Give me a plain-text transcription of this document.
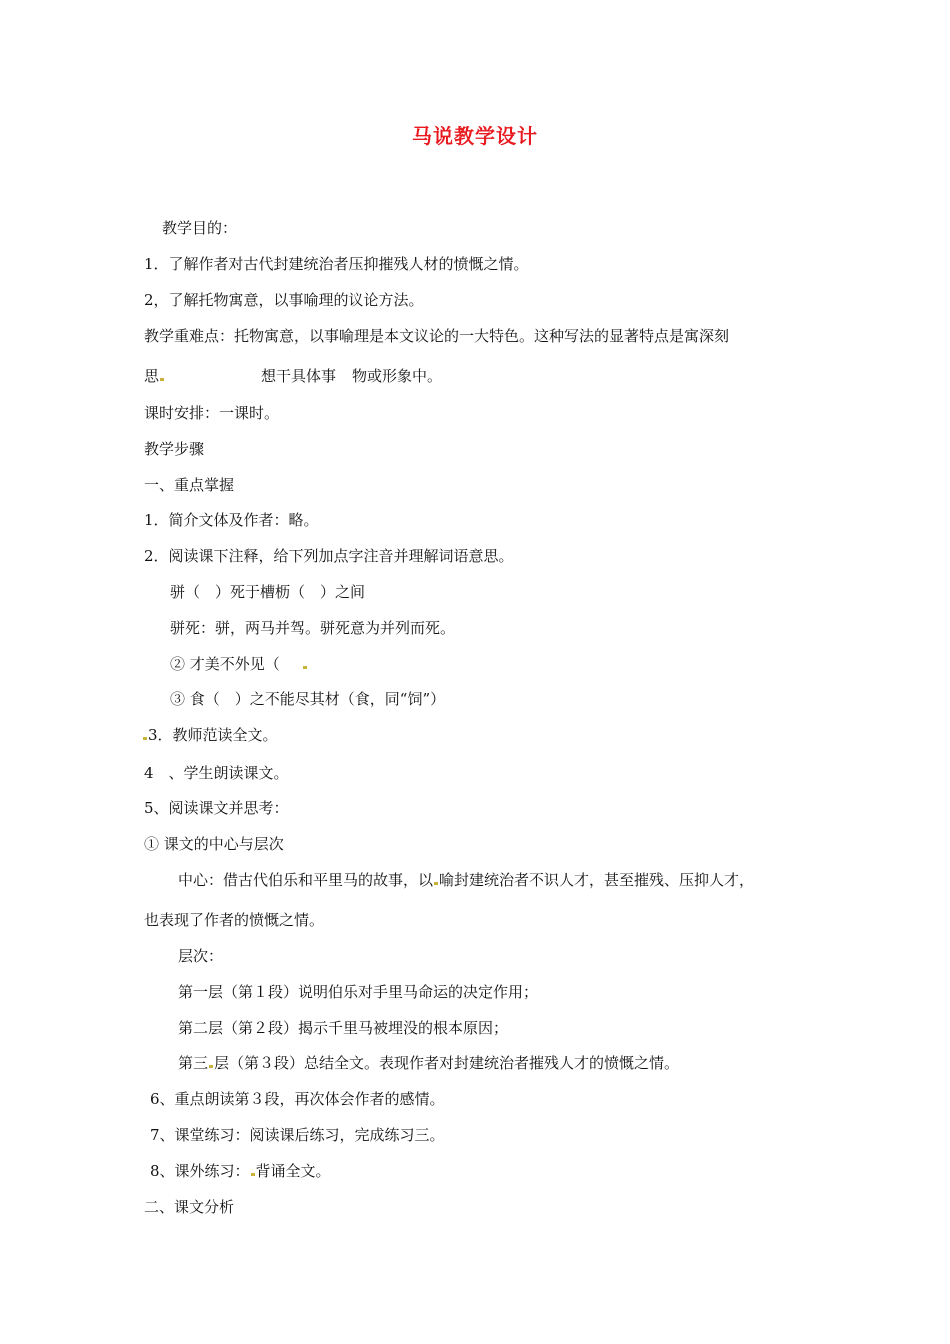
马说教学设计
教学目的：
1．了解作者对古代封建统治者压抑摧残人材的愤慨之情。
2，了解托物寓意，以事喻理的议论方法。
教学重难点：托物寓意，以事喻理是本文议论的一大特色。这种写法的显著特点是寓深刻
思	想干具体事 物或形象中。
课时安排：一课时。
教学步骤
一、重点掌握
1．简介文体及作者：略。
2．阅读课下注释，给下列加点字注音并理解词语意思。
骈（　）死于槽枥（　）之间
骈死：骈，两马并驾。骈死意为并列而死。
② 才美不外见（
③ 食（　）之不能尽其材（食，同“饲”）
3．教师范读全文。
4　、学生朗读课文。
5、阅读课文并思考：
① 课文的中心与层次
中心：借古代伯乐和平里马的故事，以 喻封建统治者不识人才，甚至摧残、压抑人才，
也表现了作者的愤慨之情。
层次：
第一层（第１段）说明伯乐对手里马命运的决定作用；
第二层（第２段）揭示千里马被埋没的根本原因；
第三 层（第３段）总结全文。表现作者对封建统治者摧残人才的愤慨之情。
6、重点朗读第３段，再次体会作者的感情。
7、课堂练习：阅读课后练习，完成练习三。
8、课外练习： 背诵全文。
二、课文分析
